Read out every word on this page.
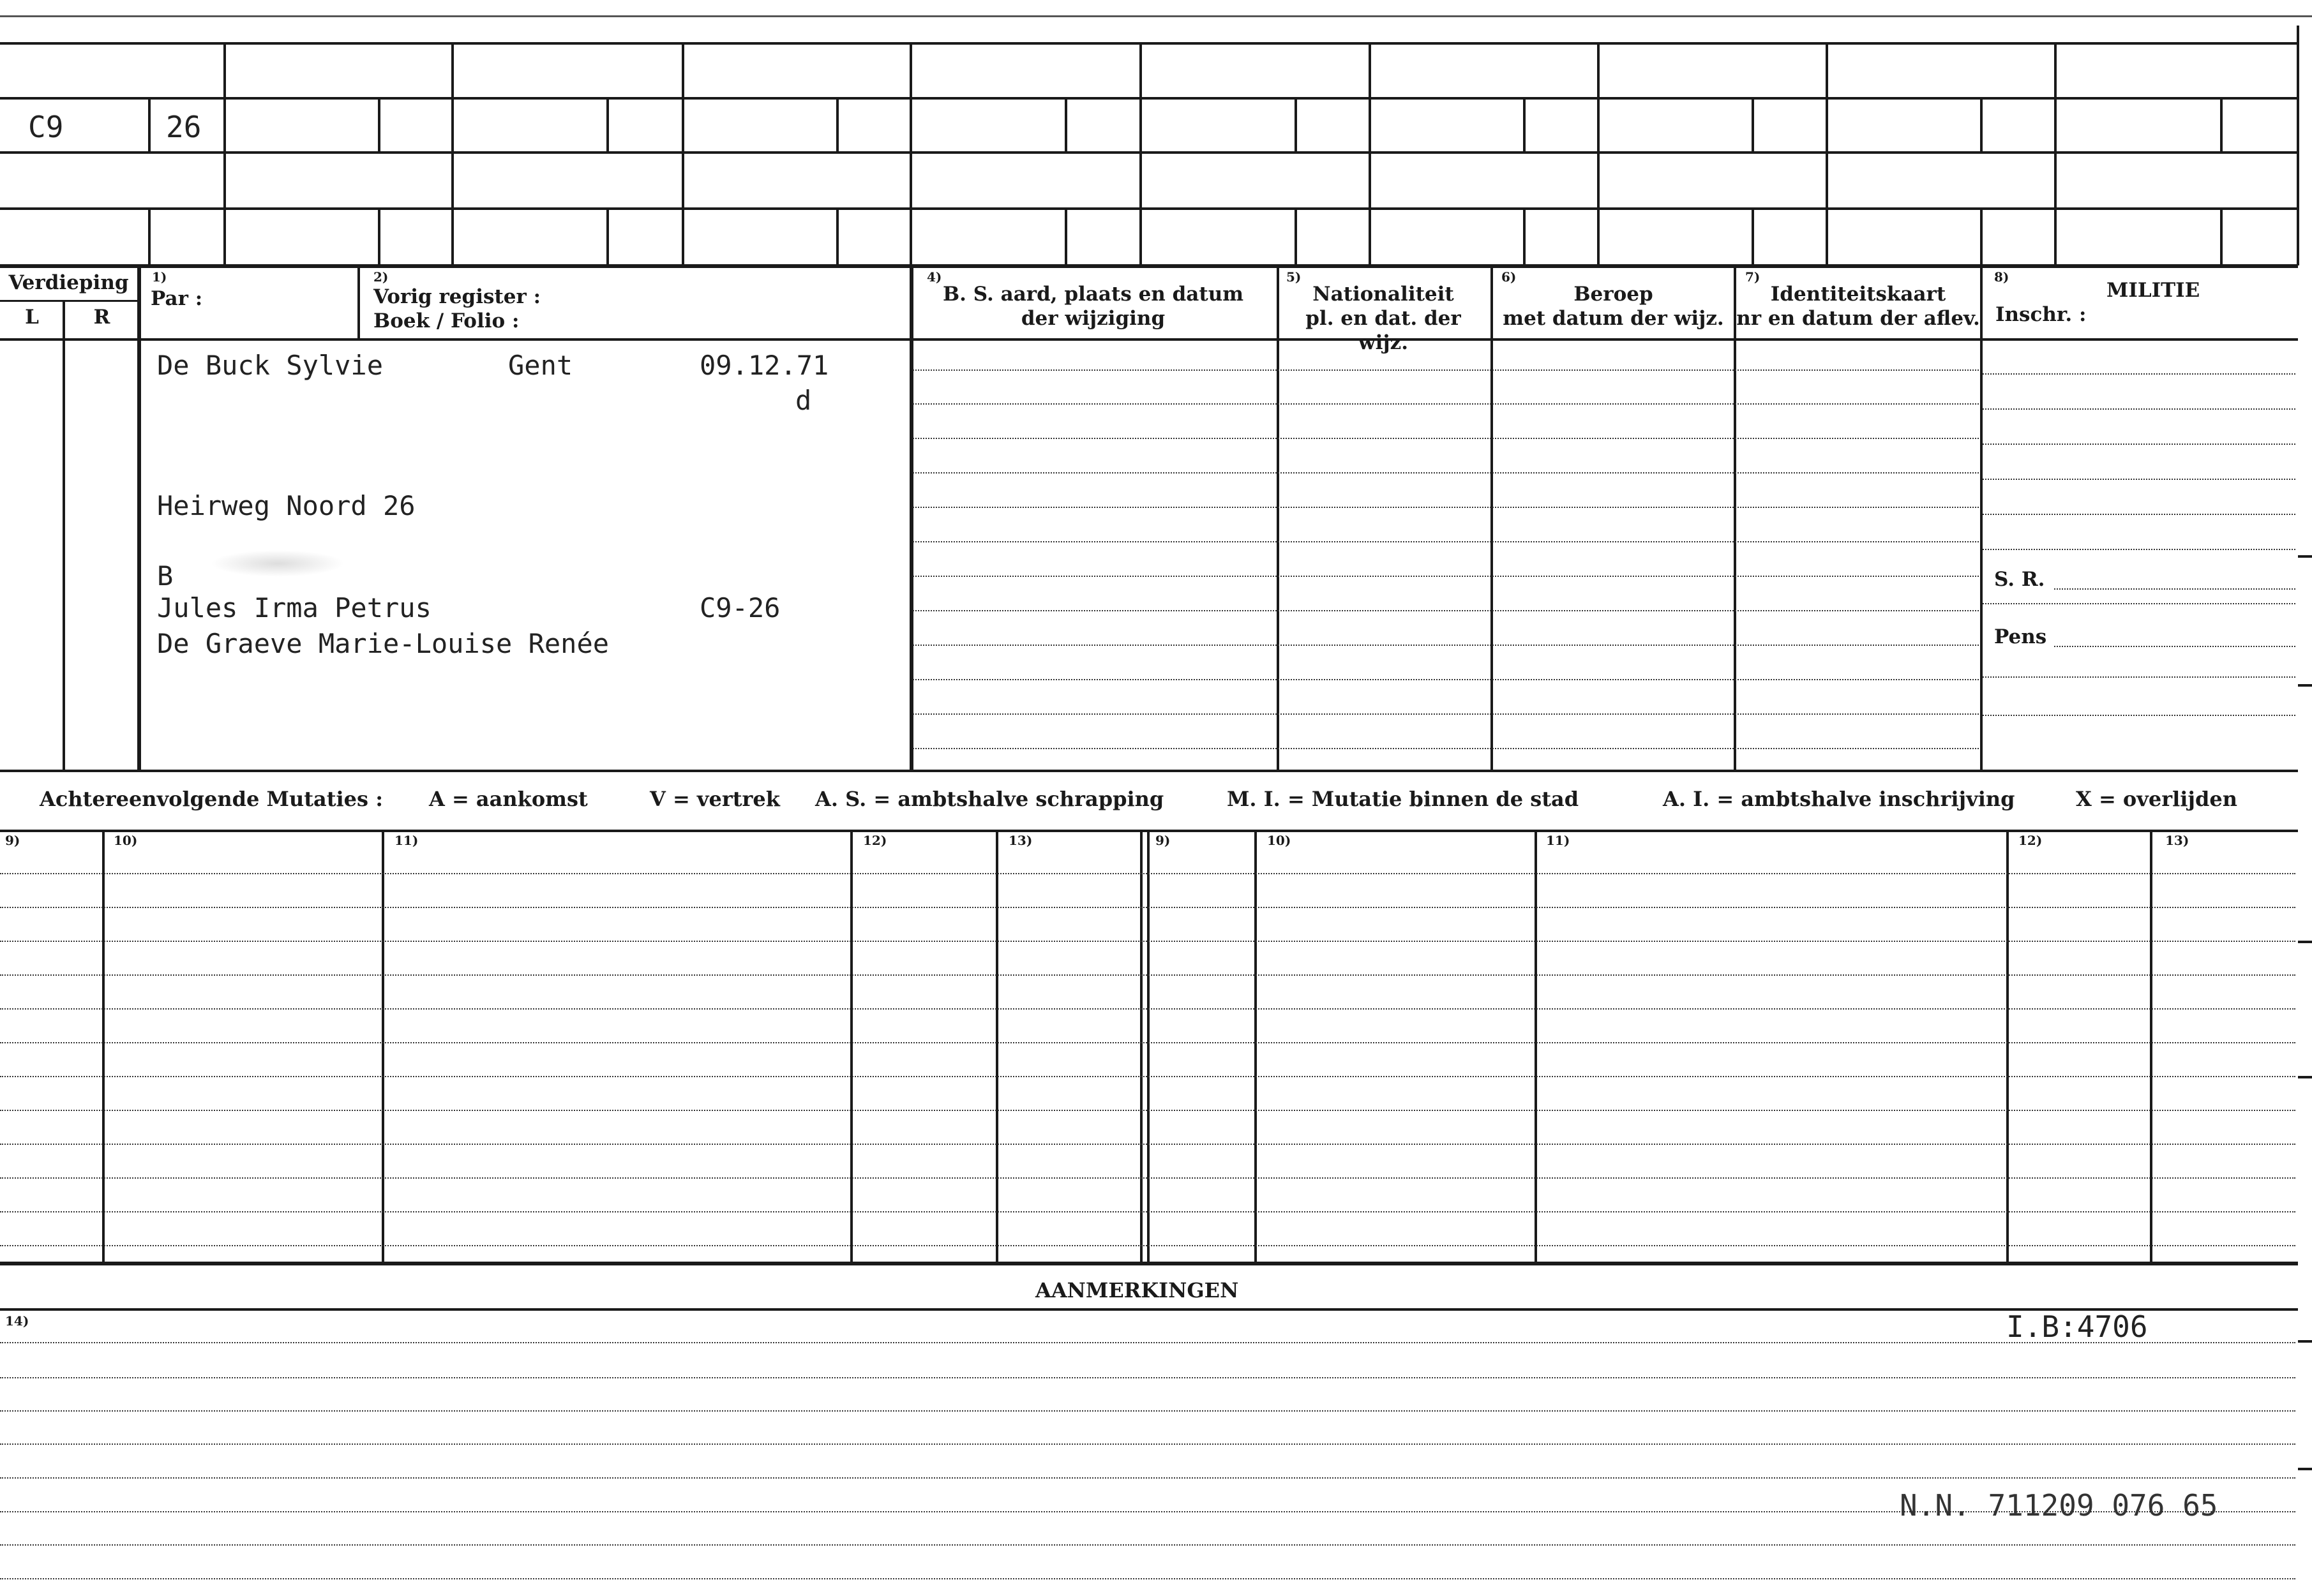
C9	26
Verdieping
L	R
1)
Par :
2)
Vorig register :
Boek / Folio :
4)
B. S. aard, plaats en datum
der wijziging
5)
Nationaliteit
pl. en dat. der wijz.
6)
Beroep
met datum der wijz.
7)
Identiteitskaart
nr en datum der aflev.
8)
MILITIE
Inschr. :
S. R.
Pens
De Buck Sylvie	Gent	09.12.71
d
Heirweg Noord 26
B
Jules Irma Petrus	C9-26
De Graeve Marie-Louise Renée
Achtereenvolgende Mutaties : A = aankomst	V = vertrek A. S. = ambtshalve schrapping	M. I. = Mutatie binnen de stad	A. I. = ambtshalve inschrijving	X = overlijden
9)	10)	11)	12)	13)	9)	10)	11)	12)	13)
AANMERKINGEN
14)	I.B:4706
N.N. 711209 076 65
